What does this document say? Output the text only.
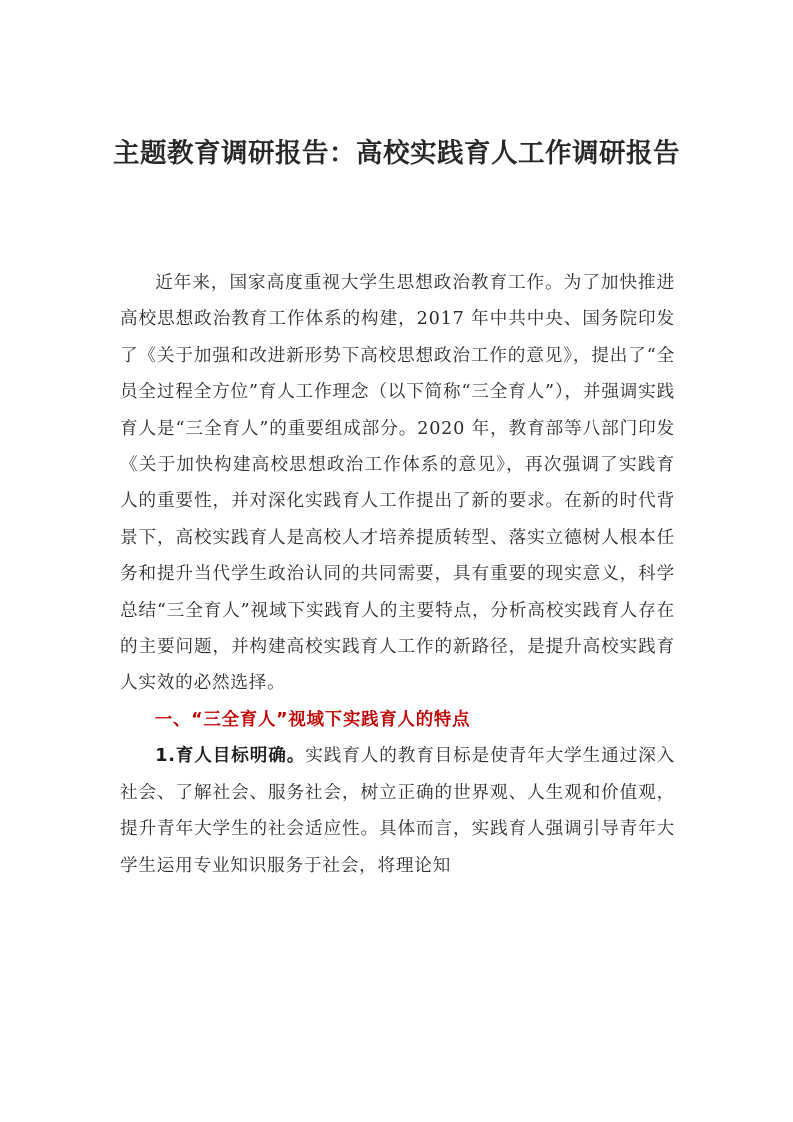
主题教育调研报告：高校实践育人工作调研报告

近年来，国家高度重视大学生思想政治教育工作。为了加快推进高校思想政治教育工作体系的构建，2017 年中共中央、国务院印发了《关于加强和改进新形势下高校思想政治工作的意见》，提出了“全员全过程全方位”育人工作理念（以下简称“三全育人”），并强调实践育人是“三全育人”的重要组成部分。2020 年，教育部等八部门印发《关于加快构建高校思想政治工作体系的意见》，再次强调了实践育人的重要性，并对深化实践育人工作提出了新的要求。在新的时代背景下，高校实践育人是高校人才培养提质转型、落实立德树人根本任务和提升当代学生政治认同的共同需要，具有重要的现实意义，科学总结“三全育人”视域下实践育人的主要特点，分析高校实践育人存在的主要问题，并构建高校实践育人工作的新路径，是提升高校实践育人实效的必然选择。

一、“三全育人”视域下实践育人的特点

1.育人目标明确。实践育人的教育目标是使青年大学生通过深入社会、了解社会、服务社会，树立正确的世界观、人生观和价值观，提升青年大学生的社会适应性。具体而言，实践育人强调引导青年大学生运用专业知识服务于社会，将理论知
